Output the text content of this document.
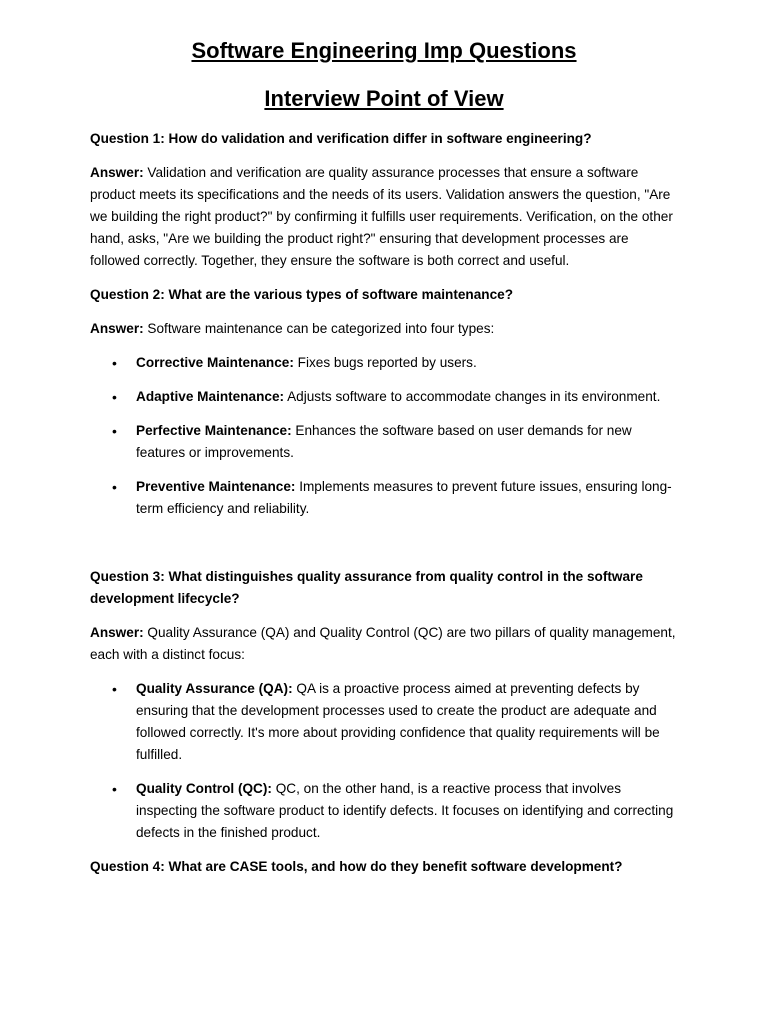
Software Engineering Imp Questions
Interview Point of View

Question 1: How do validation and verification differ in software engineering?

Answer: Validation and verification are quality assurance processes that ensure a software product meets its specifications and the needs of its users. Validation answers the question, "Are we building the right product?" by confirming it fulfills user requirements. Verification, on the other hand, asks, "Are we building the product right?" ensuring that development processes are followed correctly. Together, they ensure the software is both correct and useful.

Question 2: What are the various types of software maintenance?

Answer: Software maintenance can be categorized into four types:

• Corrective Maintenance: Fixes bugs reported by users.
• Adaptive Maintenance: Adjusts software to accommodate changes in its environment.
• Perfective Maintenance: Enhances the software based on user demands for new features or improvements.
• Preventive Maintenance: Implements measures to prevent future issues, ensuring long-term efficiency and reliability.

Question 3: What distinguishes quality assurance from quality control in the software development lifecycle?

Answer: Quality Assurance (QA) and Quality Control (QC) are two pillars of quality management, each with a distinct focus:

• Quality Assurance (QA): QA is a proactive process aimed at preventing defects by ensuring that the development processes used to create the product are adequate and followed correctly. It's more about providing confidence that quality requirements will be fulfilled.
• Quality Control (QC): QC, on the other hand, is a reactive process that involves inspecting the software product to identify defects. It focuses on identifying and correcting defects in the finished product.

Question 4: What are CASE tools, and how do they benefit software development?
